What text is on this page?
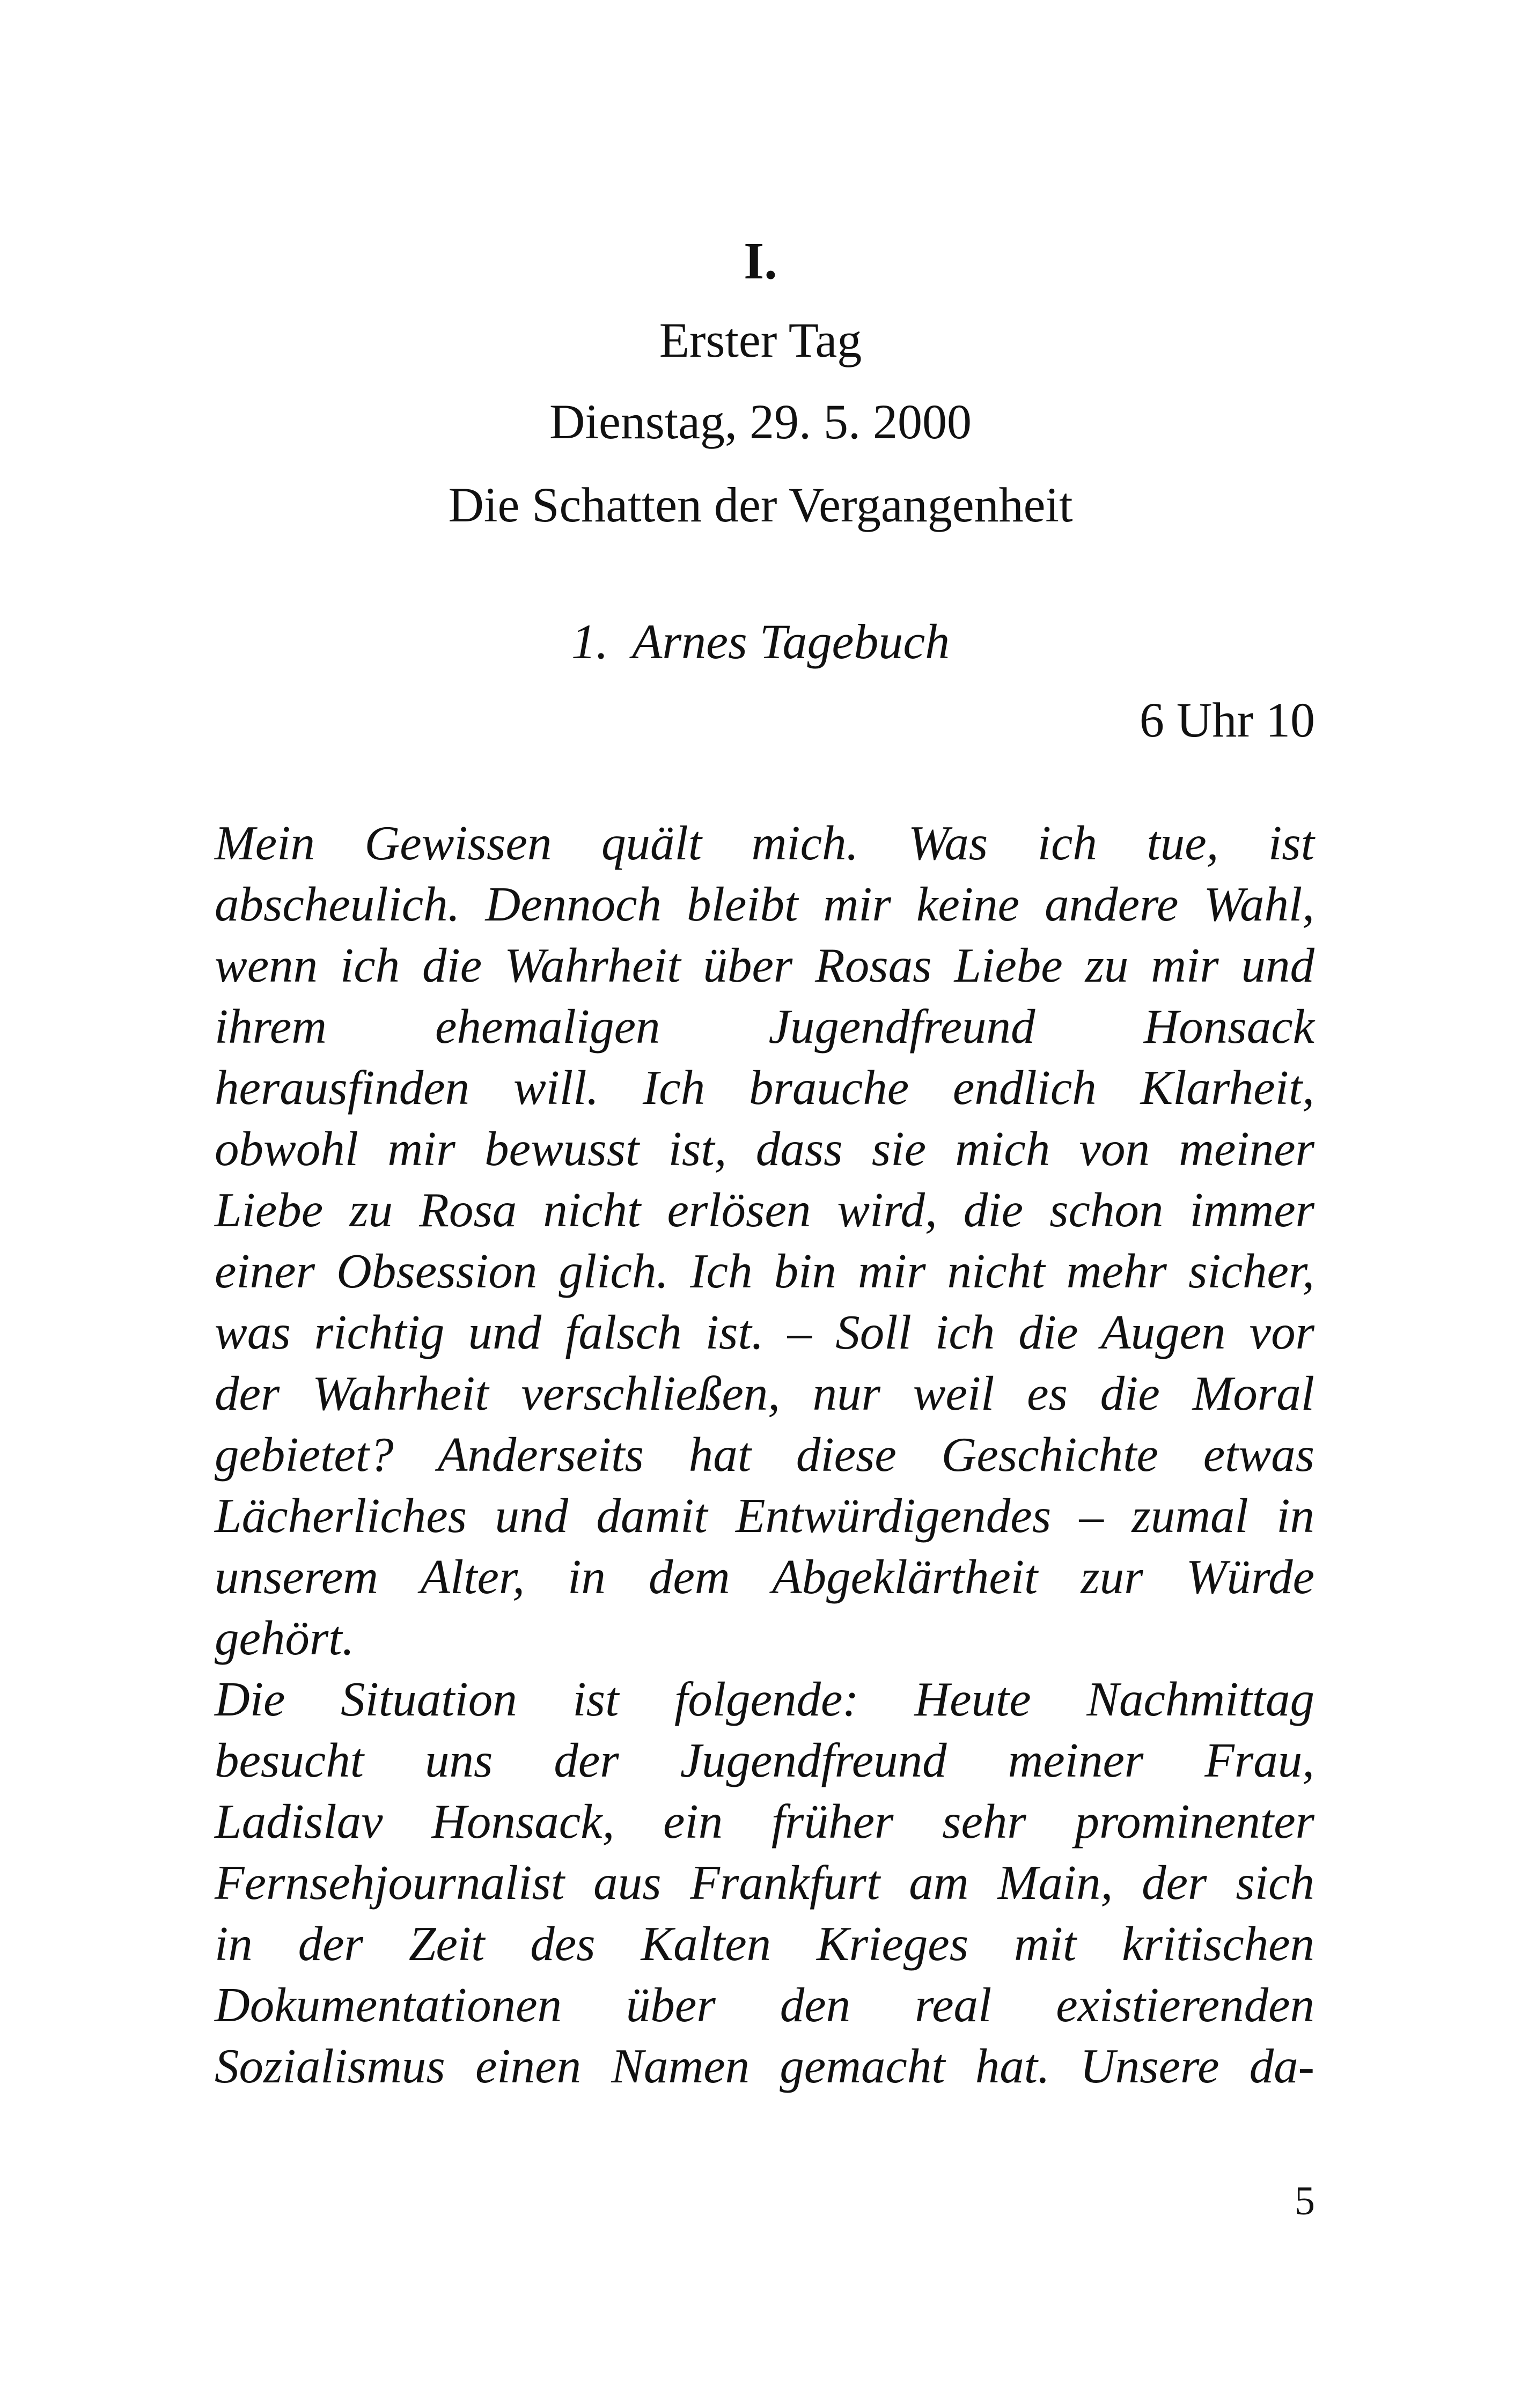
I.
Erster Tag
Dienstag, 29. 5. 2000
Die Schatten der Vergangenheit
1.  Arnes Tagebuch

6 Uhr 10

Mein Gewissen quält mich. Was ich tue, ist
abscheulich. Dennoch bleibt mir keine andere Wahl,
wenn ich die Wahrheit über Rosas Liebe zu mir und
ihrem ehemaligen Jugendfreund Honsack
herausfinden will. Ich brauche endlich Klarheit,
obwohl mir bewusst ist, dass sie mich von meiner
Liebe zu Rosa nicht erlösen wird, die schon immer
einer Obsession glich. Ich bin mir nicht mehr sicher,
was richtig und falsch ist. – Soll ich die Augen vor
der Wahrheit verschließen, nur weil es die Moral
gebietet? Anderseits hat diese Geschichte etwas
Lächerliches und damit Entwürdigendes – zumal in
unserem Alter, in dem Abgeklärtheit zur Würde
gehört.
Die Situation ist folgende: Heute Nachmittag
besucht uns der Jugendfreund meiner Frau,
Ladislav Honsack, ein früher sehr prominenter
Fernsehjournalist aus Frankfurt am Main, der sich
in der Zeit des Kalten Krieges mit kritischen
Dokumentationen über den real existierenden
Sozialismus einen Namen gemacht hat. Unsere da-

5
